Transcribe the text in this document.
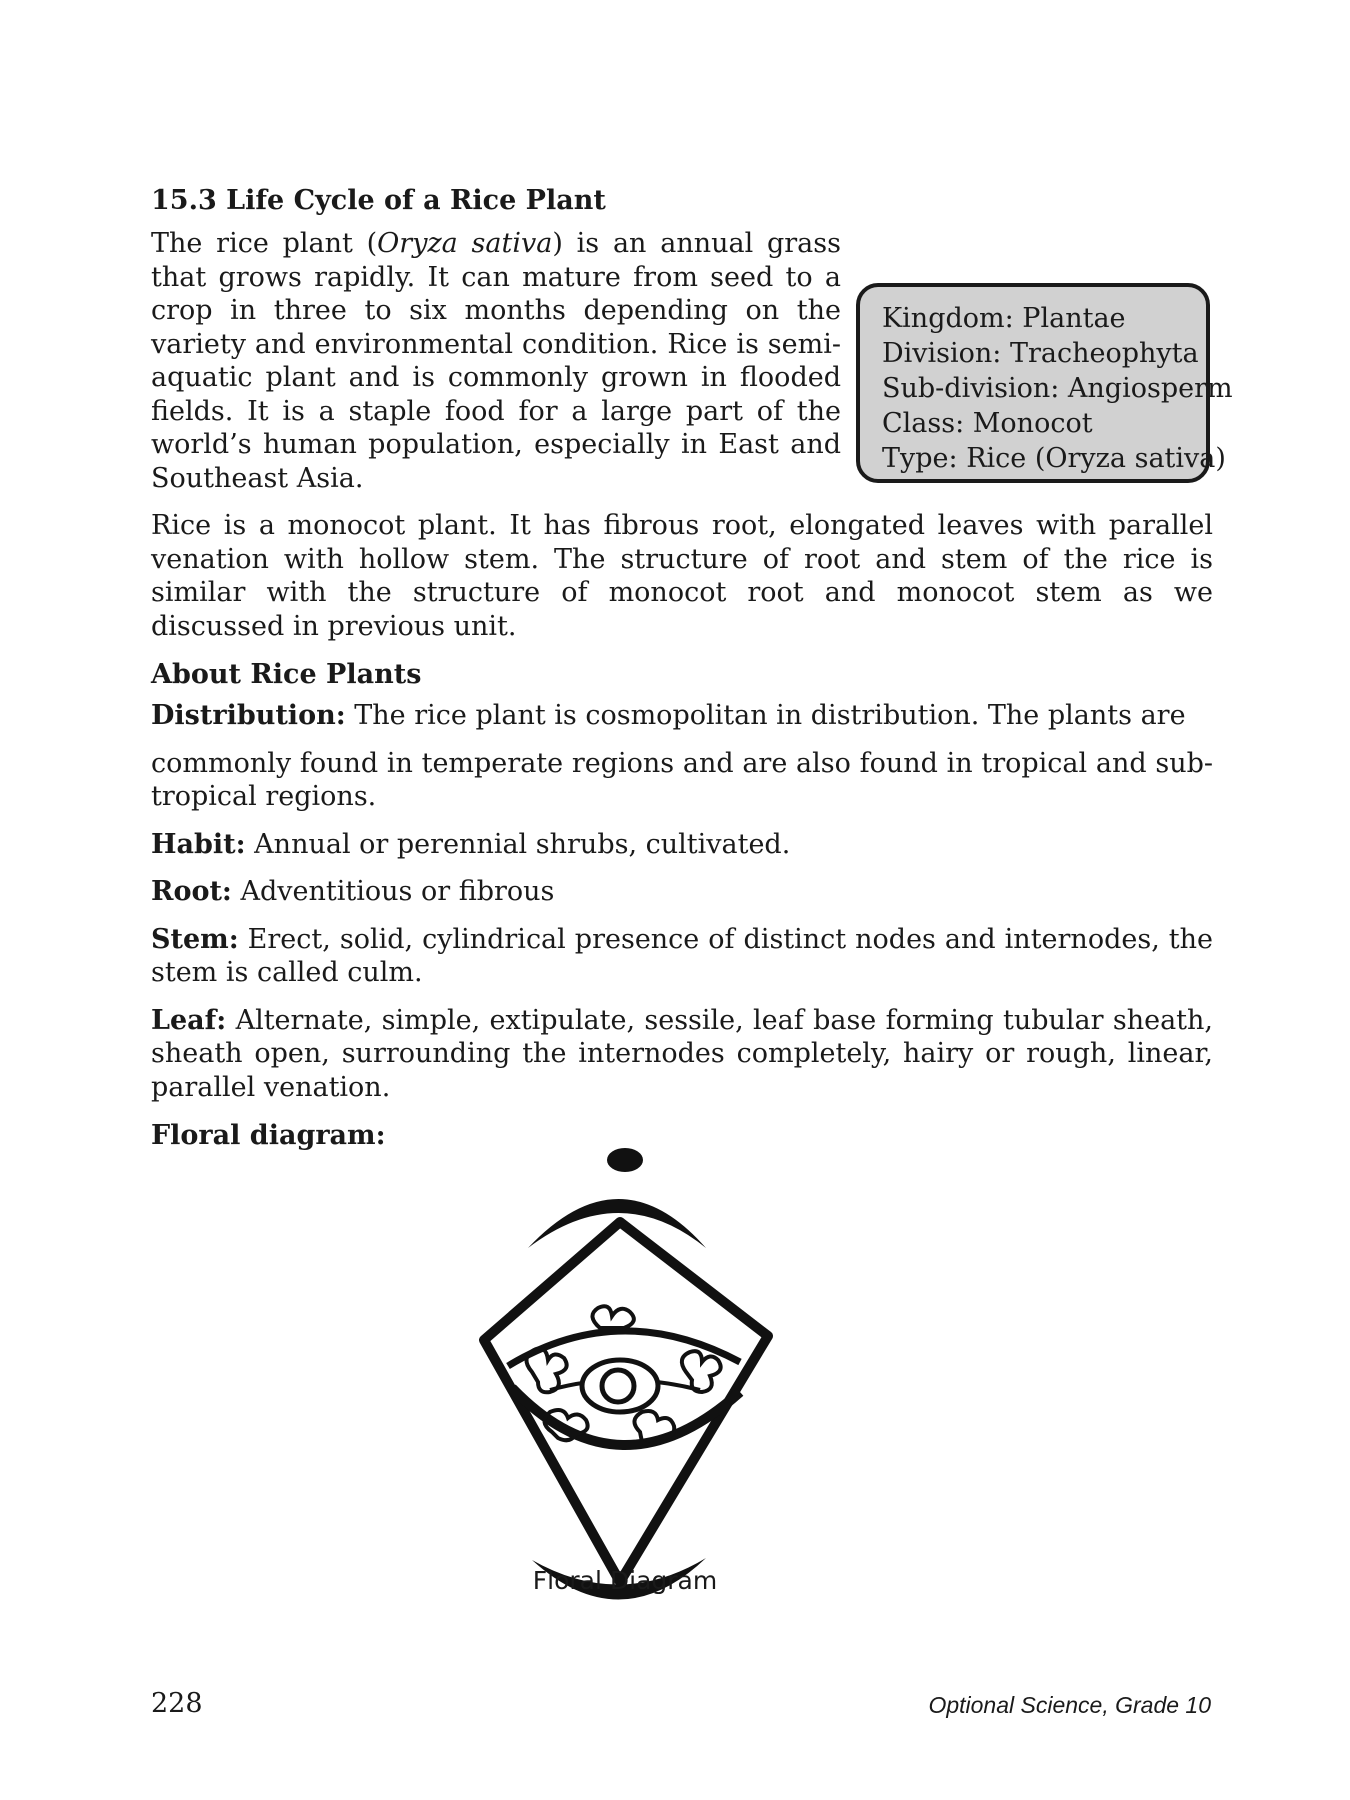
15.3 Life Cycle of a Rice Plant

The rice plant (Oryza sativa) is an annual grass that grows rapidly. It can mature from seed to a crop in three to six months depending on the variety and environmental condition. Rice is semi-aquatic plant and is commonly grown in flooded fields. It is a staple food for a large part of the world’s human population, especially in East and Southeast Asia.

Kingdom: Plantae
Division: Tracheophyta
Sub-division: Angiosperm
Class: Monocot
Type: Rice (Oryza sativa)

Rice is a monocot plant. It has fibrous root, elongated leaves with parallel venation with hollow stem. The structure of root and stem of the rice is similar with the structure of monocot root and monocot stem as we discussed in previous unit.

About Rice Plants

Distribution: The rice plant is cosmopolitan in distribution. The plants are

commonly found in temperate regions and are also found in tropical and sub-tropical regions.

Habit: Annual or perennial shrubs, cultivated.

Root: Adventitious or fibrous

Stem: Erect, solid, cylindrical presence of distinct nodes and internodes, the stem is called culm.

Leaf: Alternate, simple, extipulate, sessile, leaf base forming tubular sheath, sheath open, surrounding the internodes completely, hairy or rough, linear, parallel venation.

Floral diagram:
Floral Diagram
228	Optional Science, Grade 10
